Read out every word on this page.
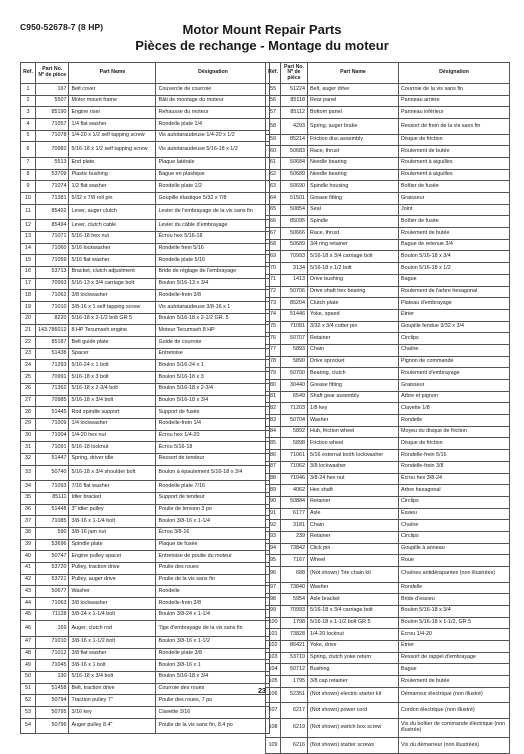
C950-52678-7 (8 HP)	Motor Mount Repair Parts
Pièces de rechange - Montage du moteur
Réf.	Part No.
Nº de pièce	Part Name	Désignation
1	167	Belt cover	Couvercle de courroie
2	5507	Motor mount frame	Bâti de montage du moteur
3	85190	Engine riser	Rehausse du moteur
4	71057	1/4 flat washer	Rondelle plate 1/4
5	71078	1/4-20 x 1/2 self tapping screw	Vis autotaraudeuse 1/4-20 x 1/2
6	70982	5/16-18 x 1/2 self tapping screw	Vis autotaraudeuse 5/16-18 x 1/2
7	5513	End plate	Plaque latérale
8	53709	Plastic bushing	Bague en plastique
9	71074	1/2 flat washer	Rondelle plate 1/2
10	71381	5/32 x 7/8 roll pin	Goupille élastique 5/32 x 7/8
11	85492	Lever, auger clutch	Levier de l'embrayage de la vis sans fin
12	85494	Lever, clutch cable	Levier du câble d'embrayage
13	71071	5/16-18 hex nut	Écrou hex 5/16-18
14	71060	5/16 lockwasher	Rondelle frein 5/16
15	71059	5/16 flat washer	Rondelle plate 5/16
16	53713	Bracket, clutch adjustment	Bride de réglage de l'embrayage
17	70993	5/16-13 x 3/4 carriage bolt	Boulon 5/16-13 x 3/4
18	71062	3/8 lockwasher	Rondelle-frein 3/8
19	71010	3/8-16 x 1 self tapping screw	Vis autotaraudeuse 3/8-16 x 1
20	8220	5/16-18 x 2-1/2 bolt GR 5	Boulon 5/16-18 x 2-1/2 GR. 5
21	143.786012	8 HP Tecumseh engine	Moteur Tecumseh 8 HP
22	85187	Belt guide plate	Guide de courroie
23	51438	Spacer	Entretoise
24	71293	5/16-24 x 1 bolt	Boulon 5/16-24 x 1
25	70991	5/16-18 x 3 bolt	Boulon 5/16-18 x 3
26	71362	5/16-18 x 2-3/4 bolt	Boulon 5/16-18 x 2-3/4
27	70985	5/16-18 x 3/4 bolt	Boulon 5/16-18 x 3/4
28	51445	Rod spindle support	Support de fusée
29	71009	1/4 lockwasher	Rondelle-frein 1/4
30	71004	1/4-20 hex nut	Écrou hex 1/4-20
31	71091	5/16-18 locknut	Écrou 5/16-18
32	51447	Spring, driver idle	Ressort de tendeur
33	50740	5/16-18 x 3/4 shoulder bolt	Boulon à épaulement 5/16-18 x 3/4
34	71093	7/16 flat washer	Rondelle plate 7/16
35	85111	Idler bracket	Support de tendeur
36	51448	3" idler pulley	Poulie de tension 3 po
37	71085	3/8-16 x 1-1/4 bolt	Boulon 3/8-16 x 1-1/4
38	590	3/8-16 jam nut	Écrou 3/8-16
39	53696	Spindle plate	Plaque de fusée
40	50747	Engine pulley spacer	Entretoise de poulie du moteur
41	53720	Pulley, traction drive	Poulie des roues
42	53721	Pulley, auger drive	Poulie de la vis sans fin
43	50677	Washer	Rondelle
44	71063	3/8 lockwasher	Rondelle-frein 3/8
45	71128	3/8-24 x 1-1/4 bolt	Boulon 3/8-24 x 1-1/4
46	169	Auger, clutch rod	Tige d'embrayage de la vis sans fin
47	71010	3/8-16 x 1-1/2 bolt	Boulon 3/8-16 x 1-1/2
48	71012	3/8 flat washer	Rondelle plate 3/8
49	71045	3/8-16 x 1 bolt	Boulon 3/8-16 x 1
50	130	5/16-18 x 3/4 bolt	Boulon 5/16-18 x 3/4
51	51458	Belt, traction drive	Courroie des roues
52	50794	Traction pulley 7"	Poulie des roues, 7 po
53	50795	3/16 key	Clavette 3/16
54	50796	Auger pulley 8.4"	Poulie de la vis sans fin, 8.4 po
Réf.	Part No.
Nº de pièce	Part Name	Désignation
55	51224	Belt, auger drive	Courroie de la vis sans fin
56	85118	Rear panel	Panneau arrière
57	85112	Bottom panel	Panneau inférieur
58	4293	Spring, auger brake	Ressort de frein de la vis sans fin
59	85214	Friction disc assembly	Disque de friction
60	50683	Race, thrust	Roulement de butée
61	50684	Needle bearing	Roulement à aiguilles
62	50689	Needle bearing	Roulement à aiguilles
63	50690	Spindle housing	Boîtier de fusée
64	51501	Grease fitting	Graisseur
65	50854	Seal	Joint
66	85095	Spindle	Boîtier de fusée
67	50666	Race, thrust	Roulement de butée
68	50689	3/4 ring retainer	Bague de retenue 3/4
69	70993	5/16-18 x 3/4 carriage bolt	Boulon 5/16-18 x 3/4
70	3134	5/16-18 x 1/2 bolt	Boulon 5/16-18 x 1/2
71	1413	Drive bushing	Bague
72	50706	Drive shaft hex bearing	Roulement de l'arbre hexagonal
73	85204	Clutch plate	Plateau d'embrayage
74	51446	Yoke, speed	Étrier
75	71081	3/32 x 3/4 cotter pin	Goupille fendue 3/32 x 3/4
76	50707	Retainer	Circlips
77	5893	Chain	Chaîne
78	5890	Drive sprocket	Pignon de commande
79	50700	Bearing, clutch	Roulement d'embrayage
80	30440	Grease fitting	Graisseur
81	6549	Shaft gear assembly	Arbre et pignon
82	71203	1/8 key	Clavette 1/8
83	50704	Washer	Rondelle
84	5892	Hub, friction wheel	Moyeu du disque de friction
85	5898	Friction wheel	Disque de friction
86	71061	5/16 external tooth lockwasher	Rondelle-frein 5/16
87	71062	3/8 lockwasher	Rondelle-frein 3/8
88	71046	3/8-24 hex nut	Écrou hex 3/8-24
89	4062	Hex shaft	Arbre hexagonal
90	50884	Retainer	Circlips
91	6177	Axle	Essieu
92	3181	Chain	Chaîne
93	239	Retainer	Circlips
94	73842	Click pin	Goupille à anneau
95	7167	Wheel	Roue
96	688	(Not shown) Tire chain kit	Chaînes antidérapantes (non illustrées)
97	73840	Washer	Rondelle
98	5954	Axle bracket	Bride d'essieu
99	70993	5/16-18 x 3/4 carriage bolt	Boulon 5/16-18 x 3/4
100	1798	5/16-18 x 1-1/2 bolt GR 5	Boulon 5/16-18 x 1-1/2, GR 5
101	73828	1/4-20 locknut	Écrou 1/4-20
102	86421	Yoke, drive	Étrier
103	53710	Spring, clutch yoke return	Ressort de rappel d'embrayage
104	50712	Bushing	Bague
105	1795	3/8 cap retainer	Roulement de butée
106	52351	(Not shown) electric starter kit	Démarreur électrique (non illustré)
107	6217	(Not shown) power cord	Cordon électrique (non illustré)
108	6219	(Not shown) switch box screw	Vis du boîtier de commande électrique (non illustrée)
109	6216	(Not shown) starter screws	Vis du démarreur (non illustrées)
23
